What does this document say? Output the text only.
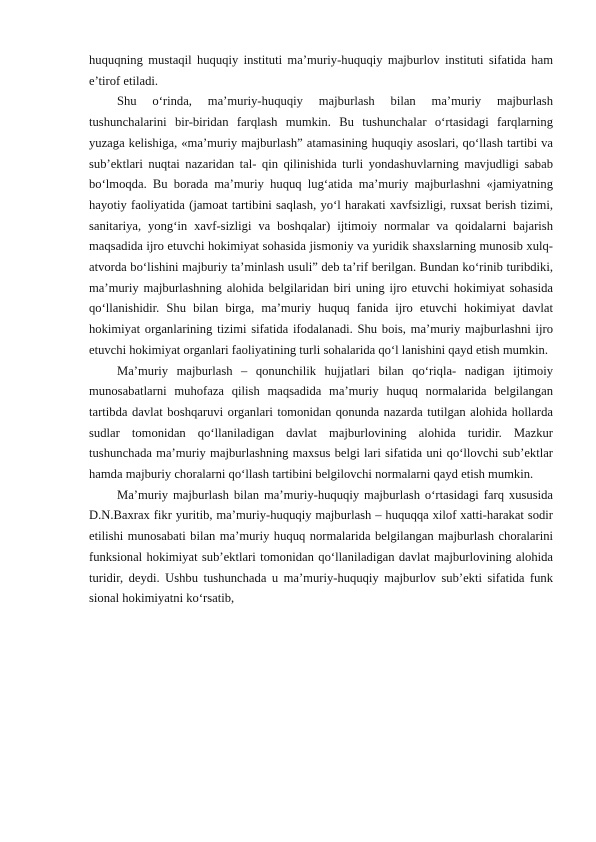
huquqning mustaqil huquqiy instituti ma’muriy-huquqiy majburlov instituti sifatida ham e’tirof etiladi.

Shu o‘rinda, ma’muriy-huquqiy majburlash bilan ma’muriy majburlash tushunchalarini bir-biridan farqlash mumkin. Bu tushunchalar o‘rtasidagi farqlarning yuzaga kelishiga, «ma’muriy majburlash” atamasining huquqiy asoslari, qo‘llash tartibi va sub’ektlari nuqtai nazaridan tal- qin qilinishida turli yondashuvlarning mavjudligi sabab bo‘lmoqda. Bu borada ma’muriy huquq lug‘atida ma’muriy majburlashni «jamiyatning hayotiy faoliyatida (jamoat tartibini saqlash, yo‘l harakati xavfsizligi, ruxsat berish tizimi, sanitariya, yong‘in xavf-sizligi va boshqalar) ijtimoiy normalar va qoidalarni bajarish maqsadida ijro etuvchi hokimiyat sohasida jismoniy va yuridik shaxslarning munosib xulq-atvorda bo‘lishini majburiy ta’minlash usuli” deb ta’rif berilgan. Bundan ko‘rinib turibdiki, ma’muriy majburlashning alohida belgilaridan biri uning ijro etuvchi hokimiyat sohasida qo‘llanishidir. Shu bilan birga, ma’muriy huquq fanida ijro etuvchi hokimiyat davlat hokimiyat organlarining tizimi sifatida ifodalanadi. Shu bois, ma’muriy majburlashni ijro etuvchi hokimiyat organlari faoliyatining turli sohalarida qo‘l lanishini qayd etish mumkin.

Ma’muriy majburlash – qonunchilik hujjatlari bilan qo‘riqla- nadigan ijtimoiy munosabatlarni muhofaza qilish maqsadida ma’muriy huquq normalarida belgilangan tartibda davlat boshqaruvi organlari tomonidan qonunda nazarda tutilgan alohida hollarda sudlar tomonidan qo‘llaniladigan davlat majburlovining alohida turidir. Mazkur tushunchada ma’muriy majburlashning maxsus belgi lari sifatida uni qo‘llovchi sub’ektlar hamda majburiy choralarni qo‘llash tartibini belgilovchi normalarni qayd etish mumkin.

Ma’muriy majburlash bilan ma’muriy-huquqiy majburlash o‘rtasidagi farq xususida D.N.Baxrax fikr yuritib, ma’muriy-huquqiy majburlash – huquqqa xilof xatti-harakat sodir etilishi munosabati bilan ma’muriy huquq normalarida belgilangan majburlash choralarini funksional hokimiyat sub’ektlari tomonidan qo‘llaniladigan davlat majburlovining alohida turidir, deydi. Ushbu tushunchada u ma’muriy-huquqiy majburlov sub’ekti sifatida funk sional hokimiyatni ko‘rsatib,
